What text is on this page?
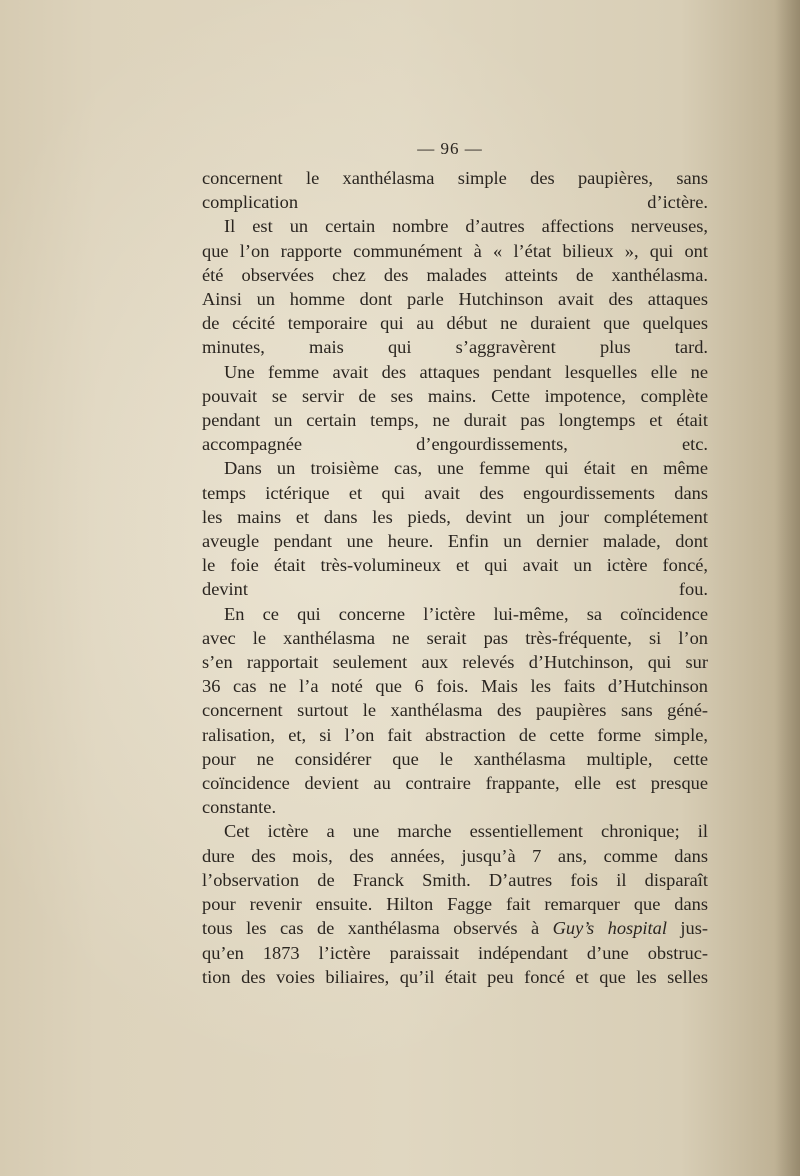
— 96 —

concernent le xanthélasma simple des paupières, sans
complication d’ictère.
Il est un certain nombre d’autres affections nerveuses,
que l’on rapporte communément à « l’état bilieux », qui ont
été observées chez des malades atteints de xanthélasma.
Ainsi un homme dont parle Hutchinson avait des attaques
de cécité temporaire qui au début ne duraient que quelques
minutes, mais qui s’aggravèrent plus tard.
Une femme avait des attaques pendant lesquelles elle ne
pouvait se servir de ses mains. Cette impotence, complète
pendant un certain temps, ne durait pas longtemps et était
accompagnée d’engourdissements, etc.
Dans un troisième cas, une femme qui était en même
temps ictérique et qui avait des engourdissements dans
les mains et dans les pieds, devint un jour complétement
aveugle pendant une heure. Enfin un dernier malade, dont
le foie était très-volumineux et qui avait un ictère foncé,
devint fou.
En ce qui concerne l’ictère lui-même, sa coïncidence
avec le xanthélasma ne serait pas très-fréquente, si l’on
s’en rapportait seulement aux relevés d’Hutchinson, qui sur
36 cas ne l’a noté que 6 fois. Mais les faits d’Hutchinson
concernent surtout le xanthélasma des paupières sans géné-
ralisation, et, si l’on fait abstraction de cette forme simple,
pour ne considérer que le xanthélasma multiple, cette
coïncidence devient au contraire frappante, elle est presque
constante.
Cet ictère a une marche essentiellement chronique; il
dure des mois, des années, jusqu’à 7 ans, comme dans
l’observation de Franck Smith. D’autres fois il disparaît
pour revenir ensuite. Hilton Fagge fait remarquer que dans
tous les cas de xanthélasma observés à Guy’s hospital jus-
qu’en 1873 l’ictère paraissait indépendant d’une obstruc-
tion des voies biliaires, qu’il était peu foncé et que les selles
